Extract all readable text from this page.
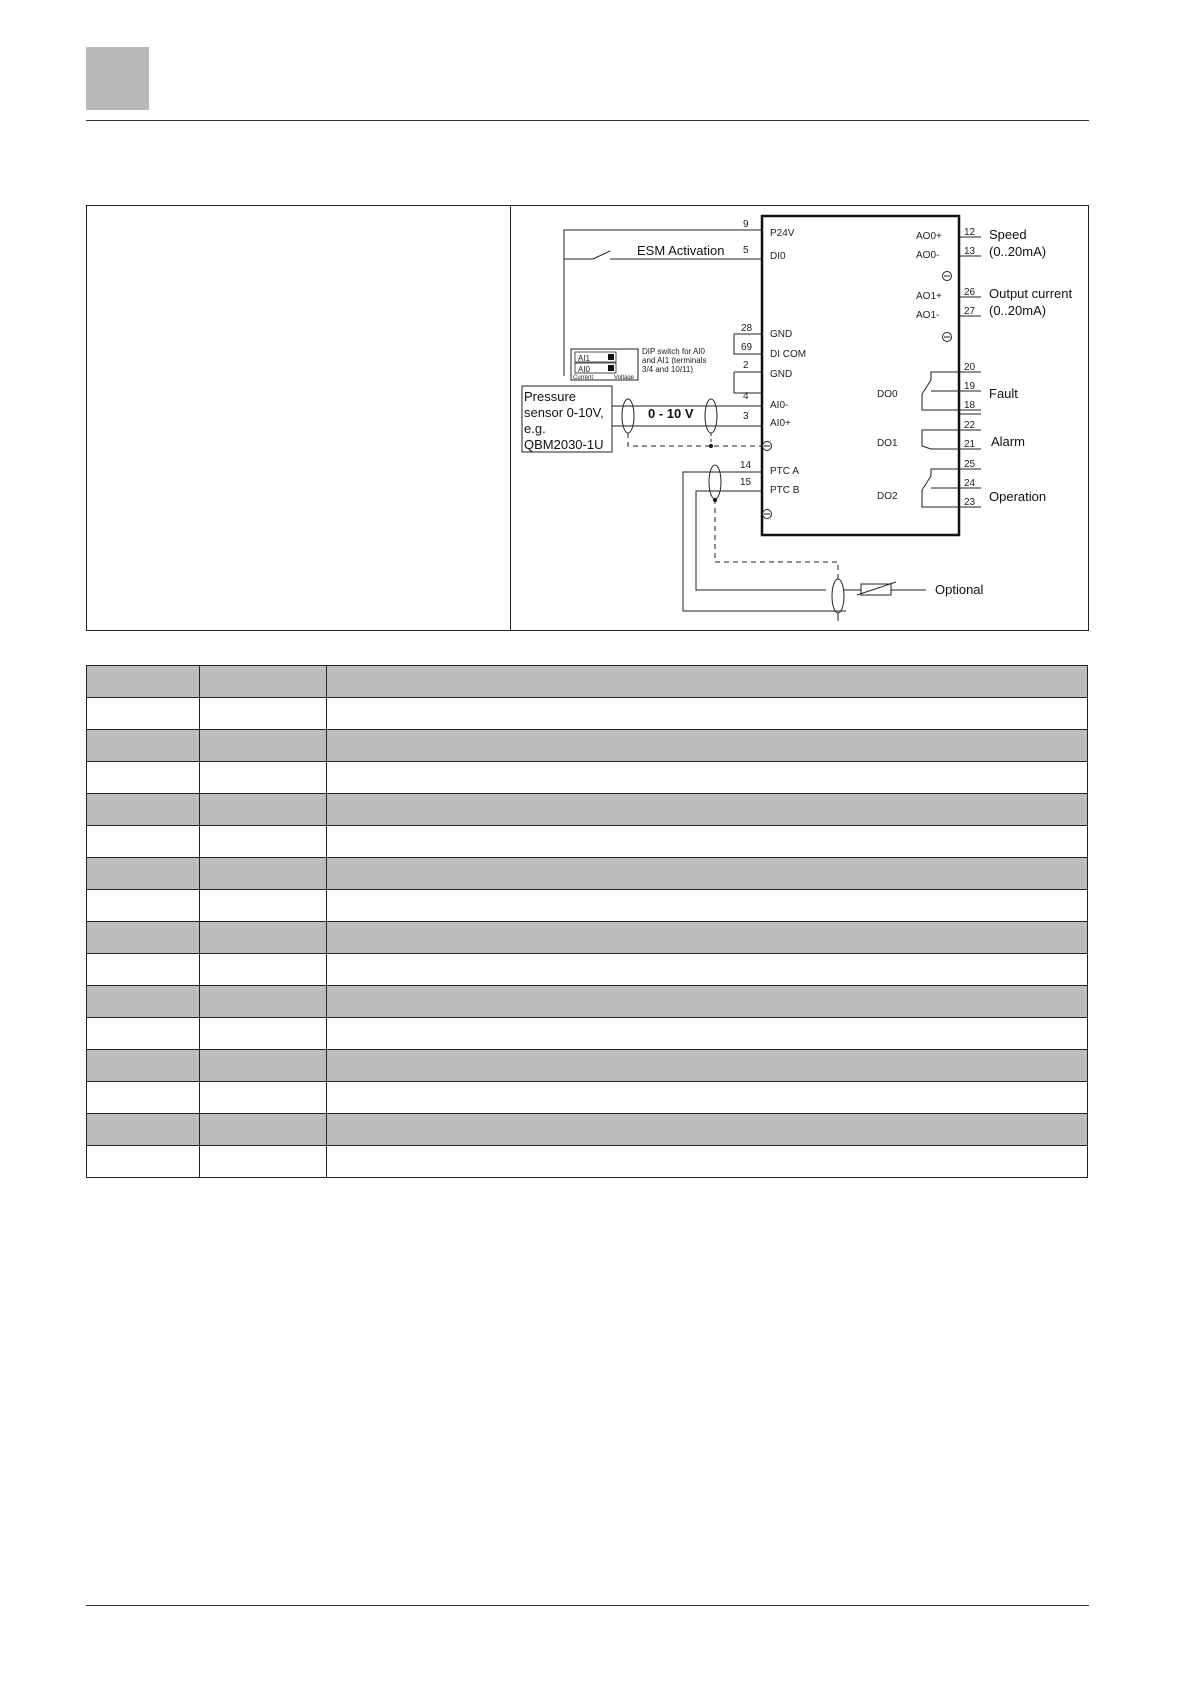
9
P24V
5
DI0
28
GND
69
DI COM
2
GND
4
AI0-
3
AI0+
14
PTC A
15
PTC B
AO0+ 12
AO0- 13
AO1+ 26
AO1- 27
20
19
DO0
18
22
21
DO1
25
24
DO2
23
Speed
(0..20mA)
Output current
(0..20mA)
Fault
Alarm
Operation
Optional
ESM Activation
0 - 10 V
AI1
AI0
Current	Voltage
DIP switch for AI0
and AI1 (terminals
3/4 and 10/11)
Pressure
sensor 0-10V,
e.g.
QBM2030-1U
